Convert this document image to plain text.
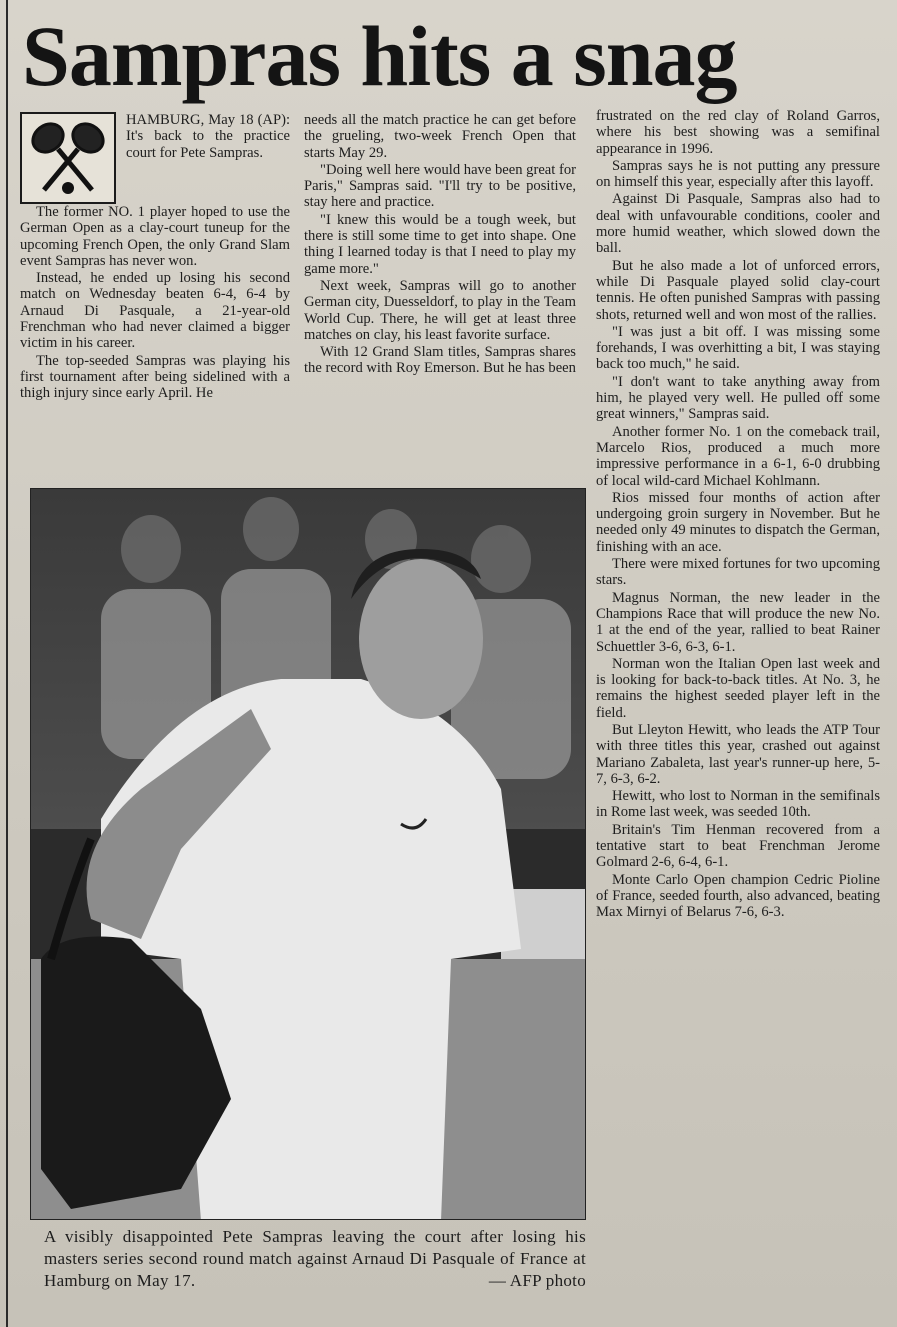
Sampras hits a snag
HAMBURG, May 18 (AP): It's back to the practice court for Pete Sampras.

The former NO. 1 player hoped to use the German Open as a clay-court tuneup for the upcoming French Open, the only Grand Slam event Sampras has never won.

Instead, he ended up losing his second match on Wednesday beaten 6-4, 6-4 by Arnaud Di Pasquale, a 21-year-old Frenchman who had never claimed a bigger victim in his career.

The top-seeded Sampras was playing his first tournament after being sidelined with a thigh injury since early April. He

needs all the match practice he can get before the grueling, two-week French Open that starts May 29.

"Doing well here would have been great for Paris," Sampras said. "I'll try to be positive, stay here and practice.

"I knew this would be a tough week, but there is still some time to get into shape. One thing I learned today is that I need to play my game more."

Next week, Sampras will go to another German city, Duesseldorf, to play in the Team World Cup. There, he will get at least three matches on clay, his least favorite surface.

With 12 Grand Slam titles, Sampras shares the record with Roy Emerson. But he has been

frustrated on the red clay of Roland Garros, where his best showing was a semifinal appearance in 1996.

Sampras says he is not putting any pressure on himself this year, especially after this layoff.

Against Di Pasquale, Sampras also had to deal with unfavourable conditions, cooler and more humid weather, which slowed down the ball.

But he also made a lot of unforced errors, while Di Pasquale played solid clay-court tennis. He often punished Sampras with passing shots, returned well and won most of the rallies.

"I was just a bit off. I was missing some forehands, I was overhitting a bit, I was staying back too much," he said.

"I don't want to take anything away from him, he played very well. He pulled off some great winners," Sampras said.

Another former No. 1 on the comeback trail, Marcelo Rios, produced a much more impressive performance in a 6-1, 6-0 drubbing of local wild-card Michael Kohlmann.

Rios missed four months of action after undergoing groin surgery in November. But he needed only 49 minutes to dispatch the German, finishing with an ace.

There were mixed fortunes for two upcoming stars.

Magnus Norman, the new leader in the Champions Race that will produce the new No. 1 at the end of the year, rallied to beat Rainer Schuettler 3-6, 6-3, 6-1.

Norman won the Italian Open last week and is looking for back-to-back titles. At No. 3, he remains the highest seeded player left in the field.

But Lleyton Hewitt, who leads the ATP Tour with three titles this year, crashed out against Mariano Zabaleta, last year's runner-up here, 5-7, 6-3, 6-2.

Hewitt, who lost to Norman in the semifinals in Rome last week, was seeded 10th.

Britain's Tim Henman recovered from a tentative start to beat Frenchman Jerome Golmard 2-6, 6-4, 6-1.

Monte Carlo Open champion Cedric Pioline of France, seeded fourth, also advanced, beating Max Mirnyi of Belarus 7-6, 6-3.

A visibly disappointed Pete Sampras leaving the court after losing his masters series second round match against Arnaud Di Pasquale of France at Hamburg on May 17.	— AFP photo
